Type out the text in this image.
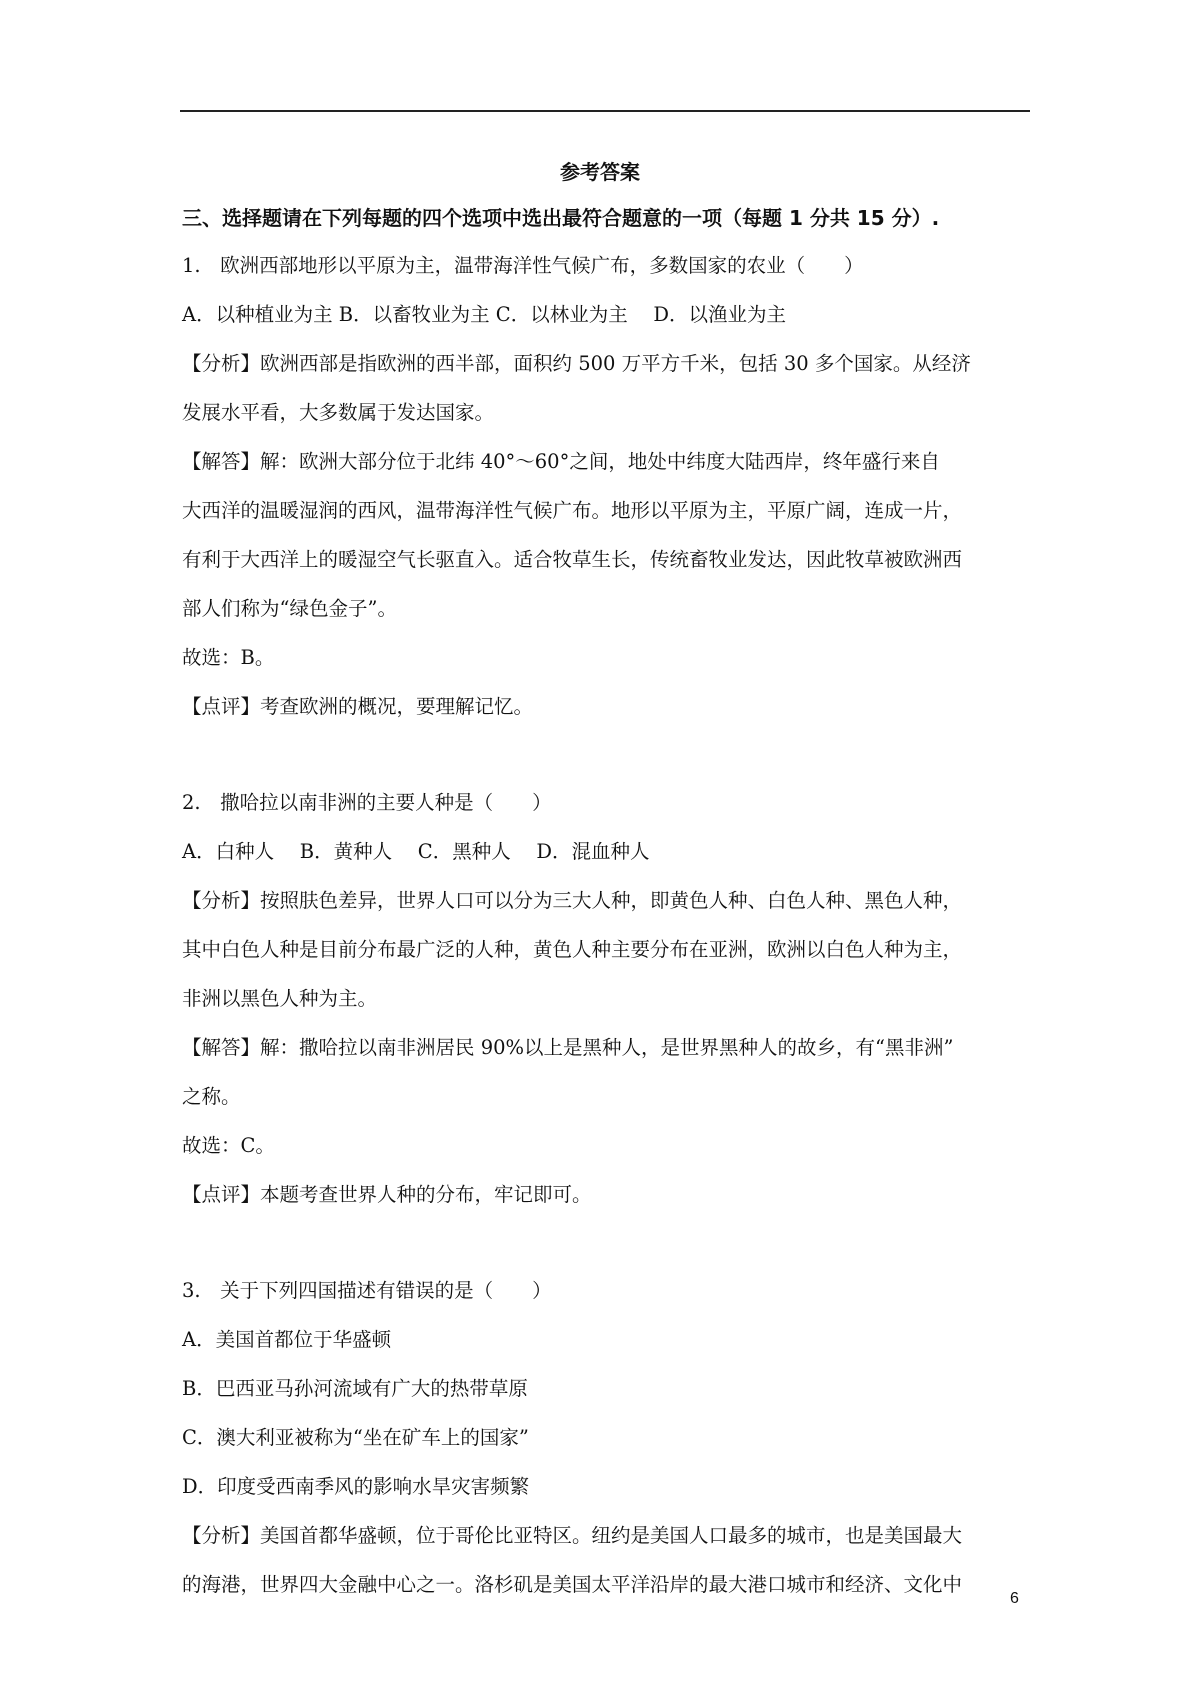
参考答案
三、选择题请在下列每题的四个选项中选出最符合题意的一项（每题 1 分共 15 分）.
1.　欧洲西部地形以平原为主，温带海洋性气候广布，多数国家的农业（　　）
A．以种植业为主 B．以畜牧业为主 C．以林业为主　 D．以渔业为主
【分析】欧洲西部是指欧洲的西半部，面积约 500 万平方千米，包括 30 多个国家。从经济
发展水平看，大多数属于发达国家。
【解答】解：欧洲大部分位于北纬 40°～60°之间，地处中纬度大陆西岸，终年盛行来自
大西洋的温暖湿润的西风，温带海洋性气候广布。地形以平原为主，平原广阔，连成一片，
有利于大西洋上的暖湿空气长驱直入。适合牧草生长，传统畜牧业发达，因此牧草被欧洲西
部人们称为“绿色金子”。
故选：B。
【点评】考查欧洲的概况，要理解记忆。
2.　撒哈拉以南非洲的主要人种是（　　）
A．白种人　 B．黄种人　 C．黑种人　 D．混血种人
【分析】按照肤色差异，世界人口可以分为三大人种，即黄色人种、白色人种、黑色人种，
其中白色人种是目前分布最广泛的人种，黄色人种主要分布在亚洲，欧洲以白色人种为主，
非洲以黑色人种为主。
【解答】解：撒哈拉以南非洲居民 90%以上是黑种人，是世界黑种人的故乡，有“黑非洲”
之称。
故选：C。
【点评】本题考查世界人种的分布，牢记即可。
3.　关于下列四国描述有错误的是（　　）
A．美国首都位于华盛顿
B．巴西亚马孙河流域有广大的热带草原
C．澳大利亚被称为“坐在矿车上的国家”
D．印度受西南季风的影响水旱灾害频繁
【分析】美国首都华盛顿，位于哥伦比亚特区。纽约是美国人口最多的城市，也是美国最大
的海港，世界四大金融中心之一。洛杉矶是美国太平洋沿岸的最大港口城市和经济、文化中
6
